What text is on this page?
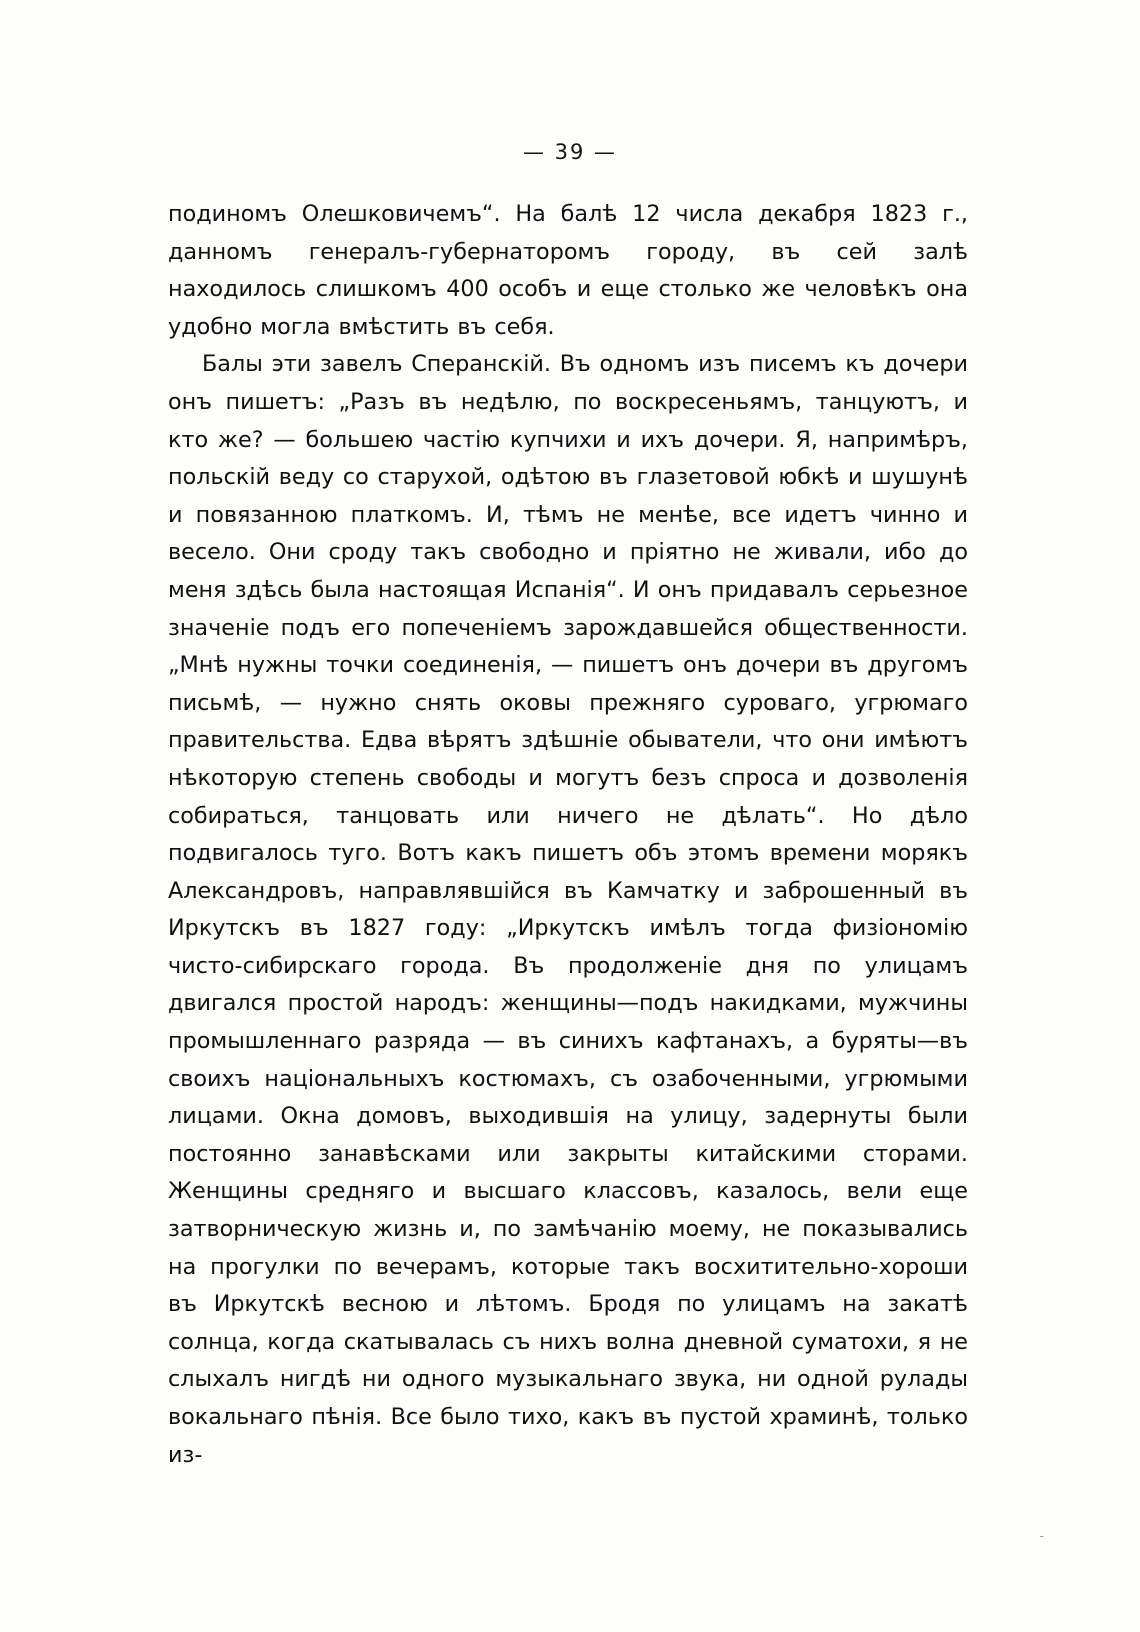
— 39 —

подиномъ Олешковичемъ“. На балѣ 12 числа декабря 1823 г., данномъ генералъ-губернаторомъ городу, въ сей залѣ находилось слишкомъ 400 особъ и еще столько же человѣкъ она удобно могла вмѣстить въ себя.

Балы эти завелъ Сперанскій. Въ одномъ изъ писемъ къ дочери онъ пишетъ: „Разъ въ недѣлю, по воскресеньямъ, танцуютъ, и кто же? — большею частію купчихи и ихъ дочери. Я, напримѣръ, польскій веду со старухой, одѣтою въ глазетовой юбкѣ и шушунѣ и повязанною платкомъ. И, тѣмъ не менѣе, все идетъ чинно и весело. Они сроду такъ свободно и пріятно не живали, ибо до меня здѣсь была настоящая Испанія“. И онъ придавалъ серьезное значеніе подъ его попеченіемъ зарождавшейся общественности. „Мнѣ нужны точки соединенія, — пишетъ онъ дочери въ другомъ письмѣ, — нужно снять оковы прежняго суроваго, угрюмаго правительства. Едва вѣрятъ здѣшніе обыватели, что они имѣютъ нѣкоторую степень свободы и могутъ безъ спроса и дозволенія собираться, танцовать или ничего не дѣлать“. Но дѣло подвигалось туго. Вотъ какъ пишетъ объ этомъ времени морякъ Александровъ, направлявшійся въ Камчатку и заброшенный въ Иркутскъ въ 1827 году: „Иркутскъ имѣлъ тогда физіономію чисто-сибирскаго города. Въ продолженіе дня по улицамъ двигался простой народъ: женщины—подъ накидками, мужчины промышленнаго разряда — въ синихъ кафтанахъ, а буряты—въ своихъ національныхъ костюмахъ, съ озабоченными, угрюмыми лицами. Окна домовъ, выходившія на улицу, задернуты были постоянно занавѣсками или закрыты китайскими сторами. Женщины средняго и высшаго классовъ, казалось, вели еще затворническую жизнь и, по замѣчанію моему, не показывались на прогулки по вечерамъ, которые такъ восхитительно-хороши въ Иркутскѣ весною и лѣтомъ. Бродя по улицамъ на закатѣ солнца, когда скатывалась съ нихъ волна дневной суматохи, я не слыхалъ нигдѣ ни одного музыкальнаго звука, ни одной рулады вокальнаго пѣнія. Все было тихо, какъ въ пустой храминѣ, только из-

-
